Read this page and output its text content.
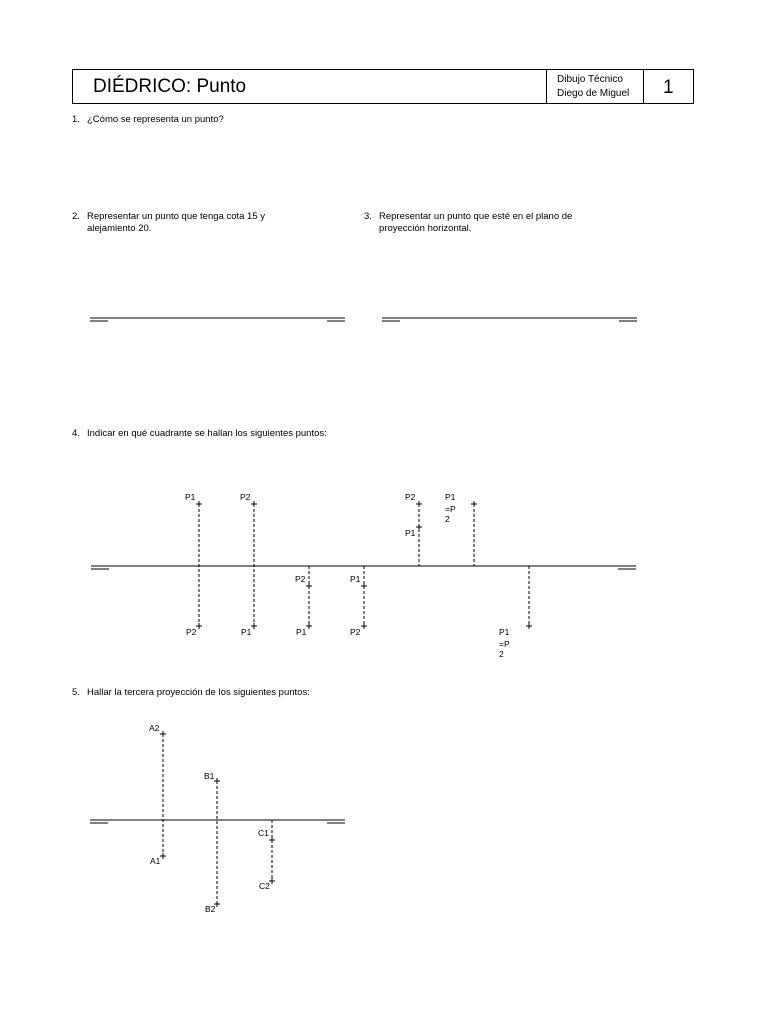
DIÉDRICO: Punto	Dibujo Técnico
Diego de Miguel 1
1. ¿Cómo se representa un punto?
2. Representar un punto que tenga cota 15 y
alejamiento 20.
3. Representar un punto que esté en el plano de
proyección horizontal.
4. Indicar en qué cuadrante se hallan los siguientes puntos:
5. Hallar la tercera proyección de los siguientes puntos:
P1
P2
P2
P1
P2
P1
P1
P2
P2
P1
P1
=P
2
P1
=P
2
A2
A1
B1
B2
C1
C2
